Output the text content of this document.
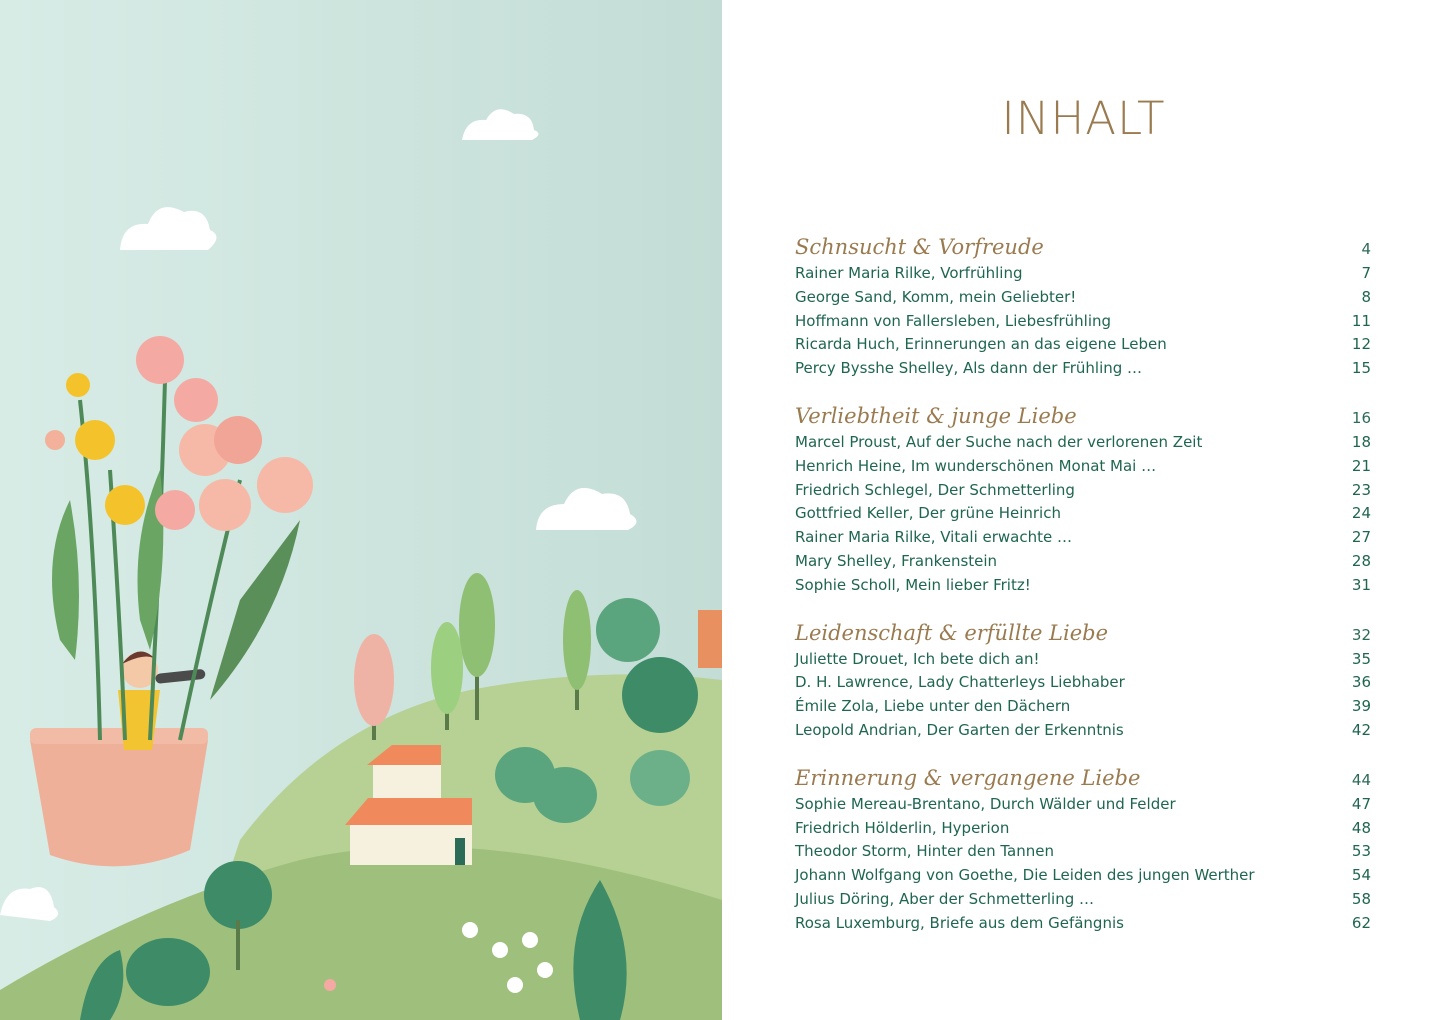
INHALT
Schnsucht & Vorfreude	4
Rainer Maria Rilke, Vorfrühling	7
George Sand, Komm, mein Geliebter!	8
Hoffmann von Fallersleben, Liebesfrühling	11
Ricarda Huch, Erinnerungen an das eigene Leben	12
Percy Bysshe Shelley, Als dann der Frühling …	15
Verliebtheit & junge Liebe	16
Marcel Proust, Auf der Suche nach der verlorenen Zeit	18
Henrich Heine, Im wunderschönen Monat Mai …	21
Friedrich Schlegel, Der Schmetterling	23
Gottfried Keller, Der grüne Heinrich	24
Rainer Maria Rilke, Vitali erwachte …	27
Mary Shelley, Frankenstein	28
Sophie Scholl, Mein lieber Fritz!	31
Leidenschaft & erfüllte Liebe	32
Juliette Drouet, Ich bete dich an!	35
D. H. Lawrence, Lady Chatterleys Liebhaber	36
Émile Zola, Liebe unter den Dächern	39
Leopold Andrian, Der Garten der Erkenntnis	42
Erinnerung & vergangene Liebe	44
Sophie Mereau-Brentano, Durch Wälder und Felder	47
Friedrich Hölderlin, Hyperion	48
Theodor Storm, Hinter den Tannen	53
Johann Wolfgang von Goethe, Die Leiden des jungen Werther	54
Julius Döring, Aber der Schmetterling …	58
Rosa Luxemburg, Briefe aus dem Gefängnis	62
